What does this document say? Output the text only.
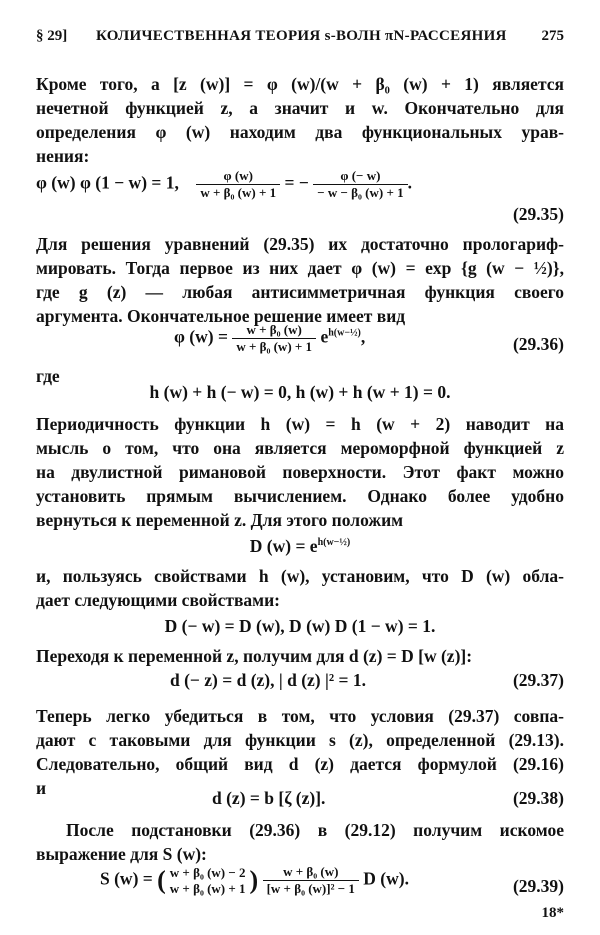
§ 29] КОЛИЧЕСТВЕННАЯ ТЕОРИЯ s-ВОЛН πN-РАССЕЯНИЯ 275
Кроме того, a [z (w)] = φ (w)/(w + β₀ (w) + 1) является
нечетной функцией z, а значит и w. Окончательно для
определения φ (w) находим два функциональных урав-
нения:
φ (w) φ (1 − w) = 1, $\frac{\varphi (w)}{\text{w + β₀ (w) + 1}}$ = − $\frac{\varphi (- w)}{\text{− w − β₀ (w) + 1}}$ .
(29.35)
Для решения уравнений (29.35) их достаточно прологариф-
мировать. Тогда первое из них дает φ (w) = exp {g (w − ½)},
где g (z) — любая антисимметричная функция своего
аргумента. Окончательное решение имеет вид
φ $(w) = \frac{\text{w + β₀ (w)}}{\text{w + β₀ (w) + 1}} e^{h(w-\frac{1}{2})}$,	(29.36)
где
h (w) + h (− w) = 0, h (w) + h (w + 1) = 0.
Периодичность функции h (w) = h (w + 2) наводит на
мысль о том, что она является мероморфной функцией z
на двулистной римановой поверхности. Этот факт можно
установить прямым вычислением. Однако более удобно
вернуться к переменной z. Для этого положим
D $(w) = e^{h(w-\frac{1}{2})}$
и, пользуясь свойствами h (w), установим, что D (w) обла-
дает следующими свойствами:
D (− w) = D (w), D (w) D (1 − w) = 1.
Переходя к переменной z, получим для d (z) = D [w (z)]:
d (− z) = d (z), | d (z) |² = 1.	(29.37)
Теперь легко убедиться в том, что условия (29.37) совпа-
дают с таковыми для функции s (z), определенной (29.13).
Следовательно, общий вид d (z) дается формулой (29.16)
и	d (z) = b [ζ (z)].	(29.38)
После подстановки (29.36) в (29.12) получим искомое
выражение для S (w):
S (w) = ( w + β₀ (w) − 2
w + β₀ (w) + 1 ) $\frac{\text{w + β₀ (w)}}{\text{[w + β₀ (w)]² − 1}}$ D (w).	(29.39)
18*
